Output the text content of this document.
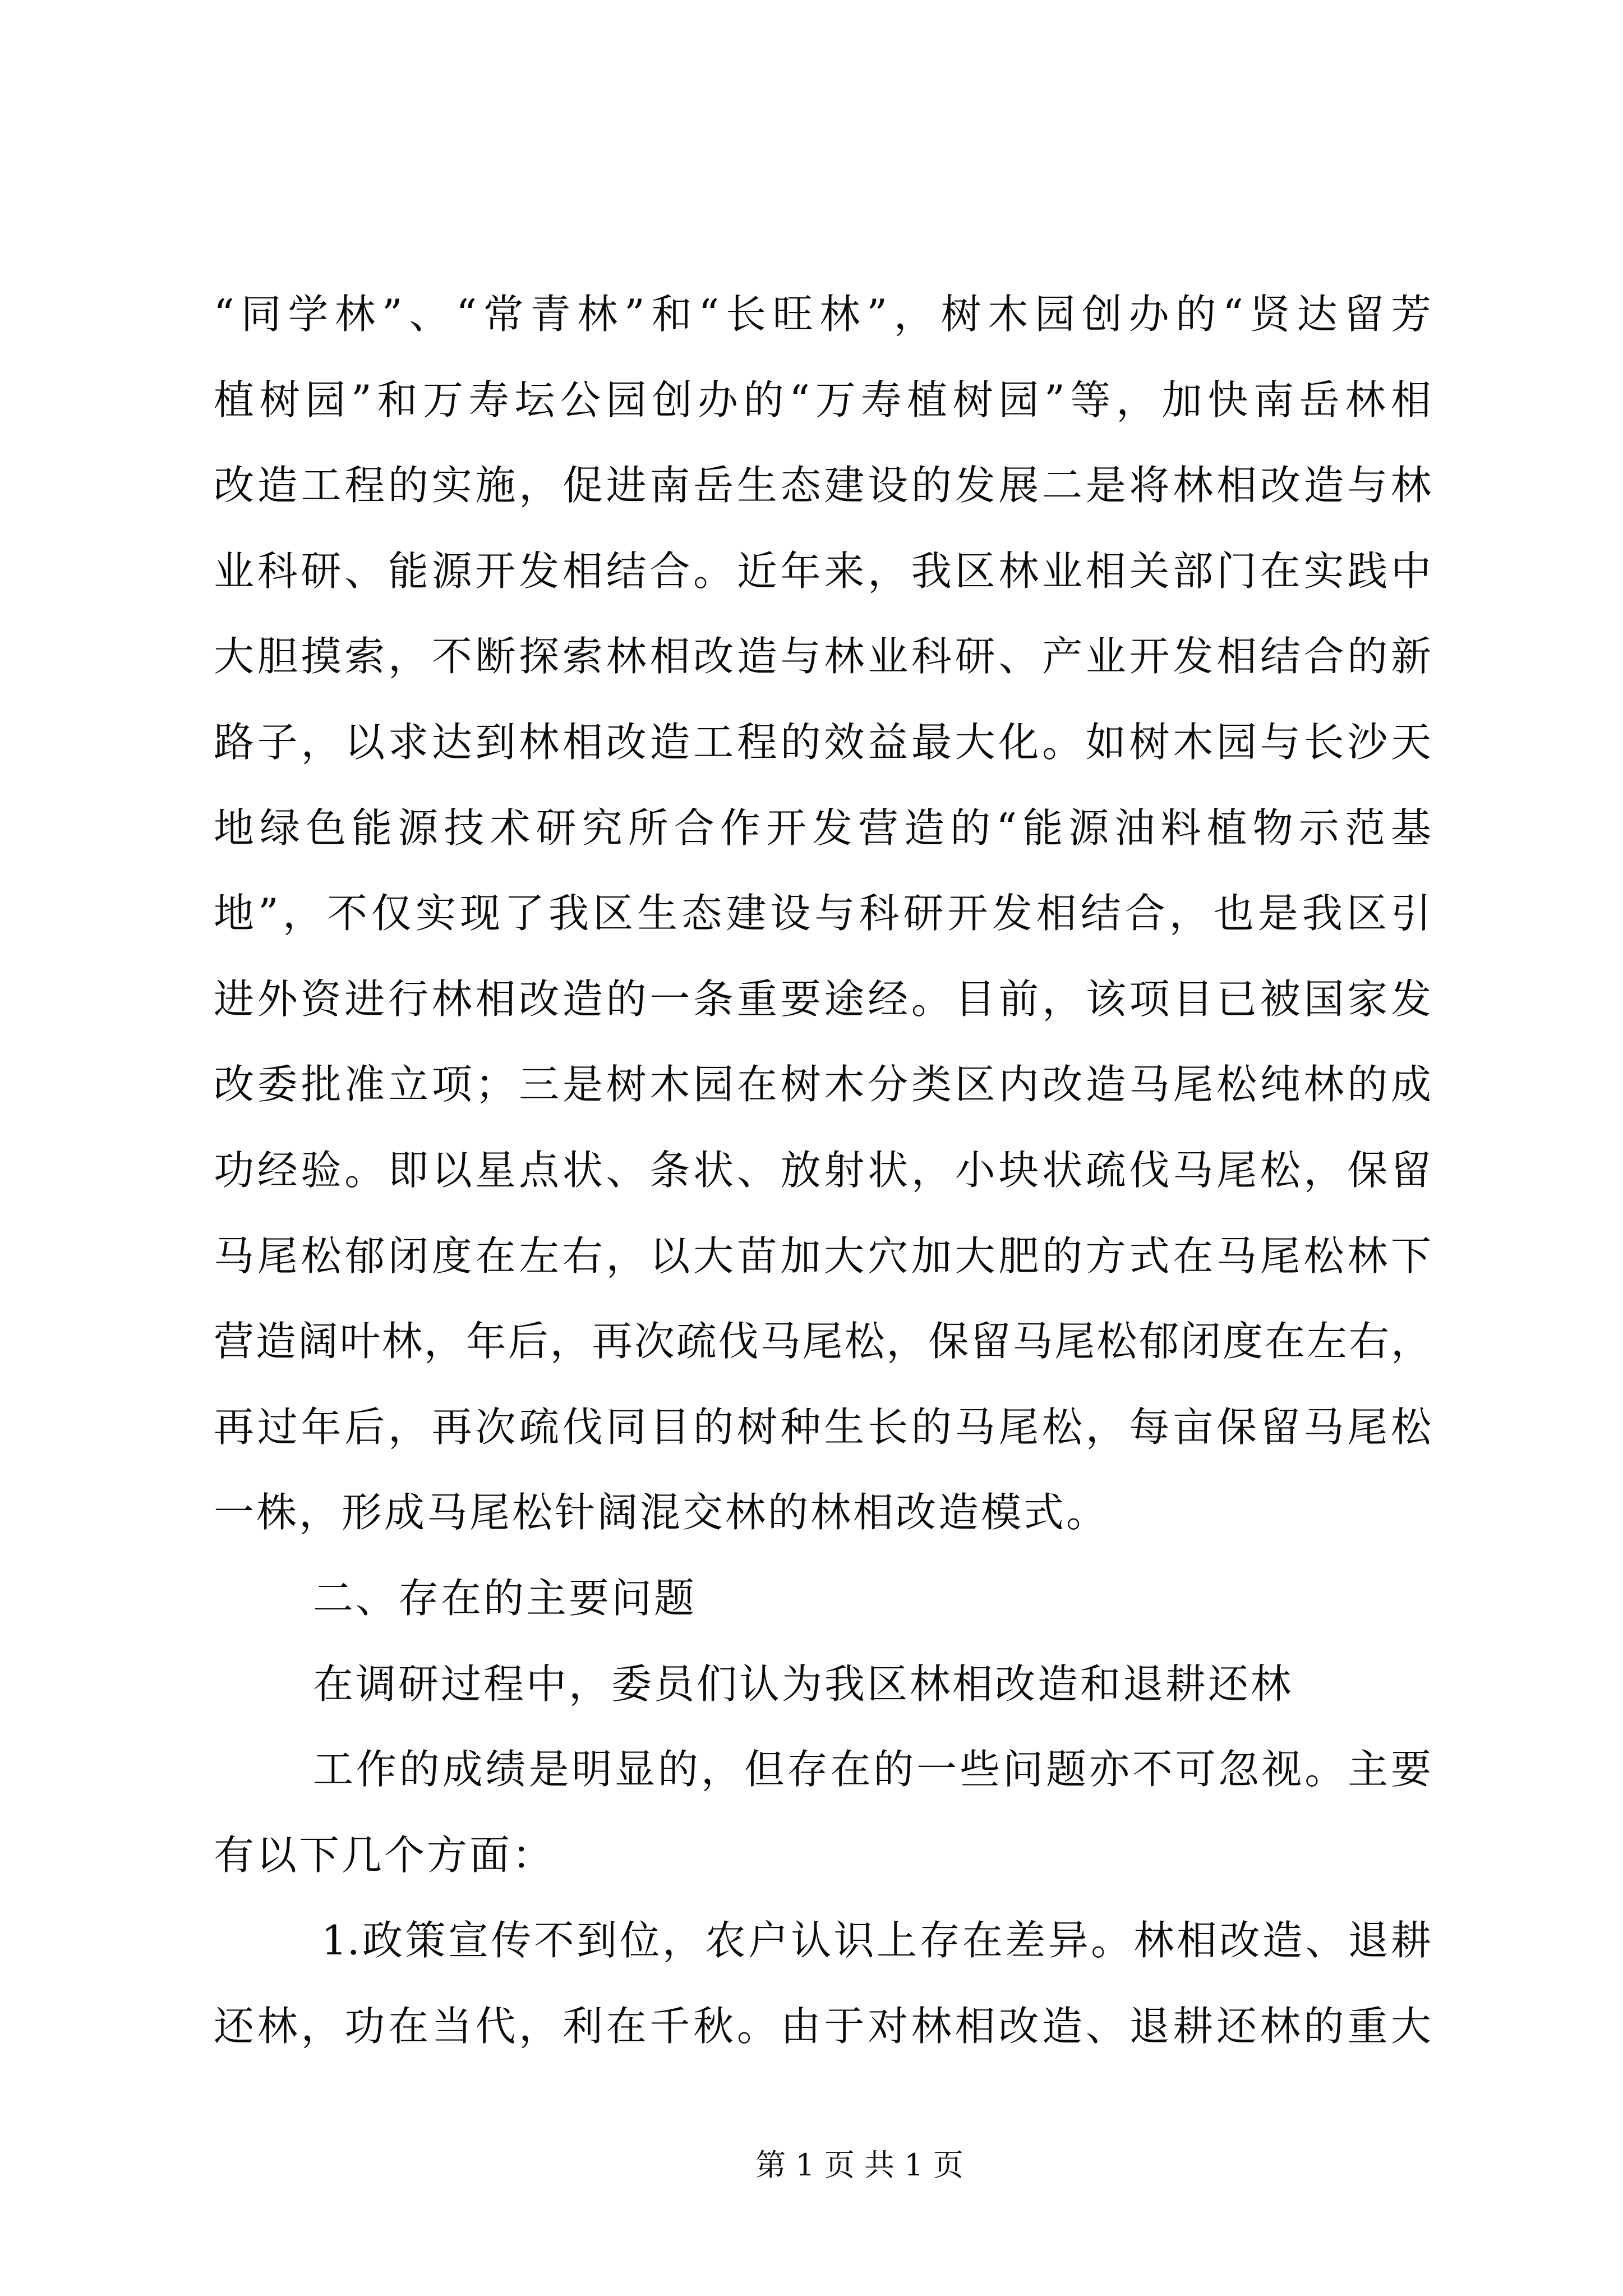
“同学林”、“常青林”和“长旺林”，树木园创办的“贤达留芳
植树园”和万寿坛公园创办的“万寿植树园”等，加快南岳林相
改造工程的实施，促进南岳生态建设的发展二是将林相改造与林
业科研、能源开发相结合。近年来，我区林业相关部门在实践中
大胆摸索，不断探索林相改造与林业科研、产业开发相结合的新
路子，以求达到林相改造工程的效益最大化。如树木园与长沙天
地绿色能源技术研究所合作开发营造的“能源油料植物示范基
地”，不仅实现了我区生态建设与科研开发相结合，也是我区引
进外资进行林相改造的一条重要途经。目前，该项目已被国家发
改委批准立项；三是树木园在树木分类区内改造马尾松纯林的成
功经验。即以星点状、条状、放射状，小块状疏伐马尾松，保留
马尾松郁闭度在左右，以大苗加大穴加大肥的方式在马尾松林下
营造阔叶林，年后，再次疏伐马尾松，保留马尾松郁闭度在左右，
再过年后，再次疏伐同目的树种生长的马尾松，每亩保留马尾松
一株，形成马尾松针阔混交林的林相改造模式。
二、存在的主要问题
在调研过程中，委员们认为我区林相改造和退耕还林
工作的成绩是明显的，但存在的一些问题亦不可忽视。主要
有以下几个方面：
1.政策宣传不到位，农户认识上存在差异。林相改造、退耕
还林，功在当代，利在千秋。由于对林相改造、退耕还林的重大
第 1 页 共 1 页
